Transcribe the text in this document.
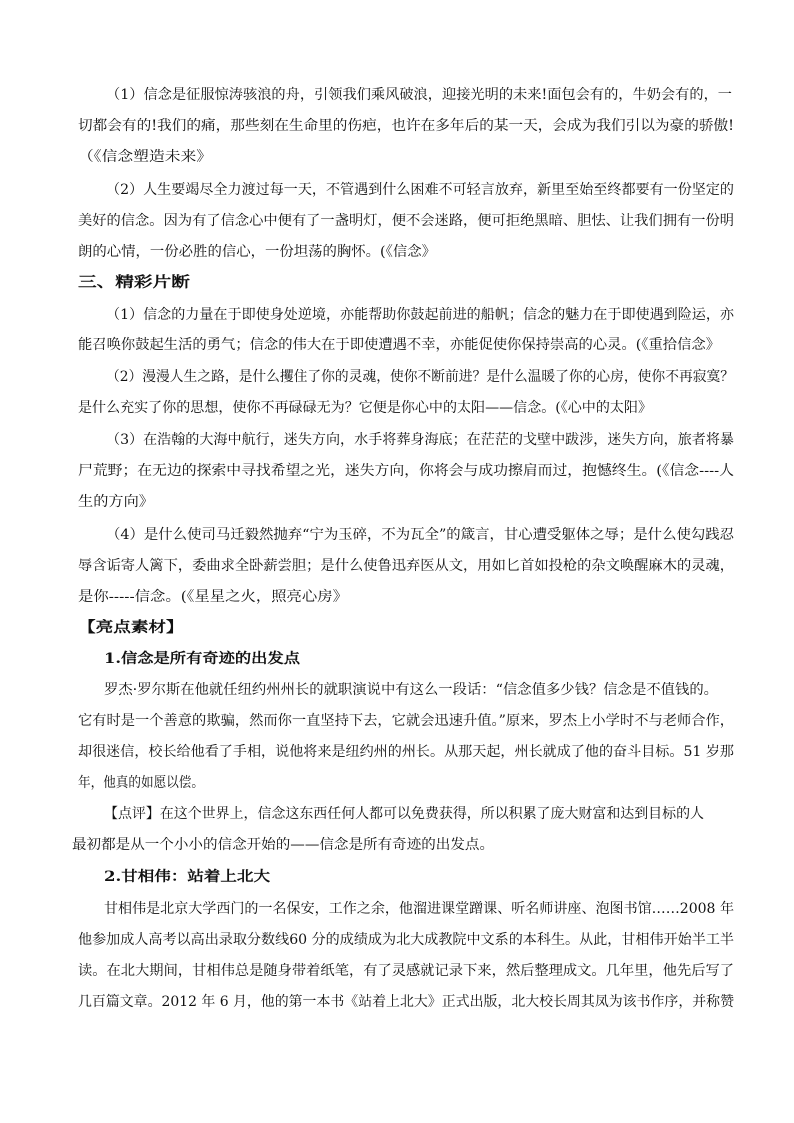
（1）信念是征服惊涛骇浪的舟，引领我们乘风破浪，迎接光明的未来!面包会有的，牛奶会有的，一
切都会有的!我们的痛，那些刻在生命里的伤疤，也许在多年后的某一天，会成为我们引以为豪的骄傲!
（《信念塑造未来》
（2）人生要竭尽全力渡过每一天，不管遇到什么困难不可轻言放弃，新里至始至终都要有一份坚定的
美好的信念。因为有了信念心中便有了一盏明灯，便不会迷路，便可拒绝黑暗、胆怯、让我们拥有一份明
朗的心情，一份必胜的信心，一份坦荡的胸怀。(《信念》
三、精彩片断
（1）信念的力量在于即使身处逆境，亦能帮助你鼓起前进的船帆；信念的魅力在于即使遇到险运，亦
能召唤你鼓起生活的勇气；信念的伟大在于即使遭遇不幸，亦能促使你保持崇高的心灵。(《重拾信念》
（2）漫漫人生之路，是什么攫住了你的灵魂，使你不断前进？是什么温暖了你的心房，使你不再寂寞？
是什么充实了你的思想，使你不再碌碌无为？它便是你心中的太阳——信念。(《心中的太阳》
（3）在浩翰的大海中航行，迷失方向，水手将葬身海底；在茫茫的戈壁中跋涉，迷失方向，旅者将暴
尸荒野；在无边的探索中寻找希望之光，迷失方向，你将会与成功擦肩而过，抱憾终生。(《信念----人
生的方向》
（4）是什么使司马迁毅然抛弃“宁为玉碎，不为瓦全”的箴言，甘心遭受躯体之辱；是什么使勾践忍
辱含诟寄人篱下，委曲求全卧薪尝胆；是什么使鲁迅弃医从文，用如匕首如投枪的杂文唤醒麻木的灵魂，
是你-----信念。(《星星之火，照亮心房》
【亮点素材】
1.信念是所有奇迹的出发点
罗杰·罗尔斯在他就任纽约州州长的就职演说中有这么一段话：“信念值多少钱？信念是不值钱的。
它有时是一个善意的欺骗，然而你一直坚持下去，它就会迅速升值。”原来，罗杰上小学时不与老师合作，
却很迷信，校长给他看了手相，说他将来是纽约州的州长。从那天起，州长就成了他的奋斗目标。51 岁那
年，他真的如愿以偿。
【点评】在这个世界上，信念这东西任何人都可以免费获得，所以积累了庞大财富和达到目标的人
最初都是从一个小小的信念开始的——信念是所有奇迹的出发点。
2.甘相伟：站着上北大
甘相伟是北京大学西门的一名保安，工作之余，他溜进课堂蹭课、听名师讲座、泡图书馆……2008 年
他参加成人高考以高出录取分数线60 分的成绩成为北大成教院中文系的本科生。从此，甘相伟开始半工半
读。在北大期间，甘相伟总是随身带着纸笔，有了灵感就记录下来，然后整理成文。几年里，他先后写了
几百篇文章。2012 年 6 月，他的第一本书《站着上北大》正式出版，北大校长周其凤为该书作序，并称赞
